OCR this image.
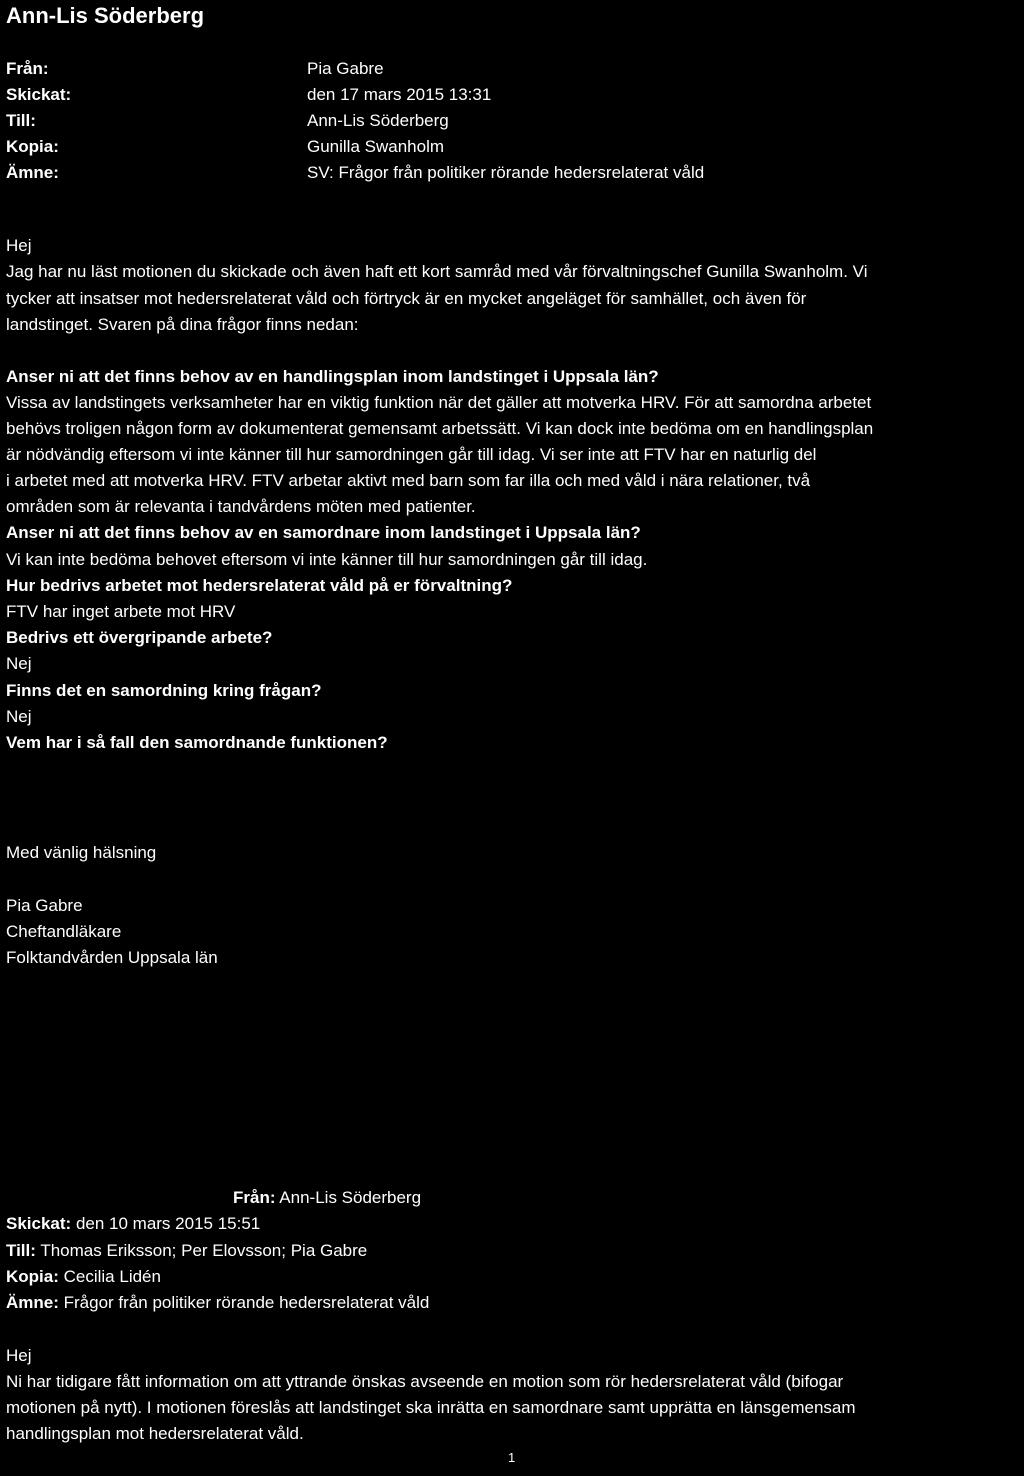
Ann-Lis Söderberg
Från:	Pia Gabre
Skickat:	den 17 mars 2015 13:31
Till:	Ann-Lis Söderberg
Kopia:	Gunilla Swanholm
Ämne:	SV: Frågor från politiker rörande hedersrelaterat våld
Hej
Jag har nu läst motionen du skickade och även haft ett kort samråd med vår förvaltningschef Gunilla Swanholm. Vi
tycker att insatser mot hedersrelaterat våld och förtryck är en mycket angeläget för samhället, och även för
landstinget. Svaren på dina frågor finns nedan:
Anser ni att det finns behov av en handlingsplan inom landstinget i Uppsala län?
Vissa av landstingets verksamheter har en viktig funktion när det gäller att motverka HRV. För att samordna arbetet
behövs troligen någon form av dokumenterat gemensamt arbetssätt. Vi kan dock inte bedöma om en handlingsplan
är nödvändig eftersom vi inte känner till hur samordningen går till idag. Vi ser inte att FTV har en naturlig del
i arbetet med att motverka HRV. FTV arbetar aktivt med barn som far illa och med våld i nära relationer, två
områden som är relevanta i tandvårdens möten med patienter.
Anser ni att det finns behov av en samordnare inom landstinget i Uppsala län?
Vi kan inte bedöma behovet eftersom vi inte känner till hur samordningen går till idag.
Hur bedrivs arbetet mot hedersrelaterat våld på er förvaltning?
FTV har inget arbete mot HRV
Bedrivs ett övergripande arbete?
Nej
Finns det en samordning kring frågan?
Nej
Vem har i så fall den samordnande funktionen?
Med vänlig hälsning
Pia Gabre
Cheftandläkare
Folktandvården Uppsala län
Från: Ann-Lis Söderberg
Skickat: den 10 mars 2015 15:51
Till: Thomas Eriksson; Per Elovsson; Pia Gabre
Kopia: Cecilia Lidén
Ämne: Frågor från politiker rörande hedersrelaterat våld
Hej
Ni har tidigare fått information om att yttrande önskas avseende en motion som rör hedersrelaterat våld (bifogar
motionen på nytt). I motionen föreslås att landstinget ska inrätta en samordnare samt upprätta en länsgemensam
handlingsplan mot hedersrelaterat våld.
1
